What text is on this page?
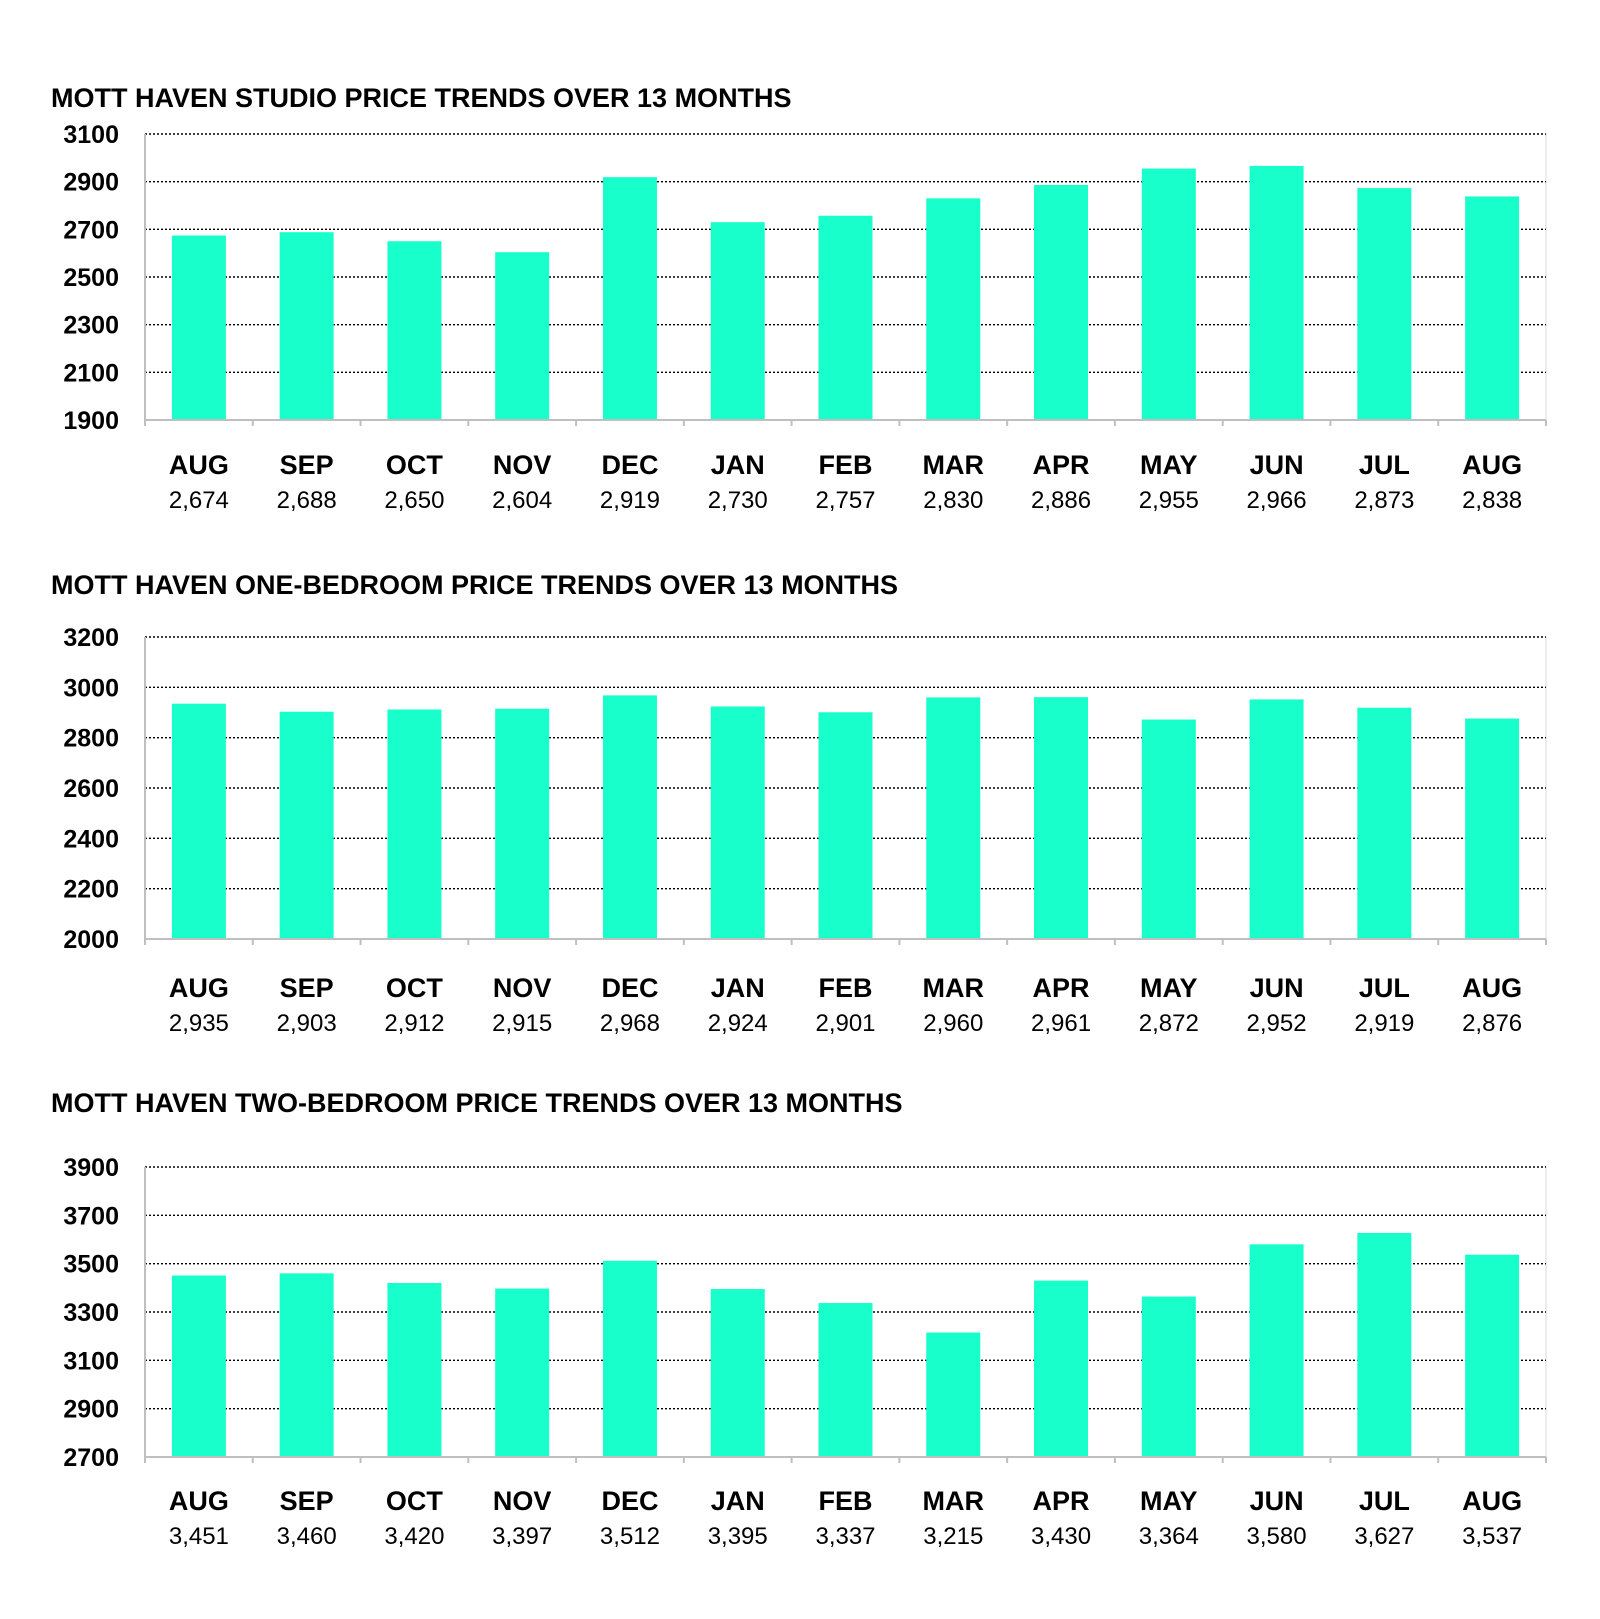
MOTT HAVEN STUDIO PRICE TRENDS OVER 13 MONTHS
3100
2900
2700
2500
2300
2100
1900
AUG
2,674
SEP
2,688
OCT
2,650
NOV
2,604
DEC
2,919
JAN
2,730
FEB
2,757
MAR
2,830
APR
2,886
MAY
2,955
JUN
2,966
JUL
2,873
AUG
2,838
MOTT HAVEN ONE-BEDROOM PRICE TRENDS OVER 13 MONTHS
3200
3000
2800
2600
2400
2200
2000
AUG
2,935
SEP
2,903
OCT
2,912
NOV
2,915
DEC
2,968
JAN
2,924
FEB
2,901
MAR
2,960
APR
2,961
MAY
2,872
JUN
2,952
JUL
2,919
AUG
2,876
MOTT HAVEN TWO-BEDROOM PRICE TRENDS OVER 13 MONTHS
3900
3700
3500
3300
3100
2900
2700
AUG
3,451
SEP
3,460
OCT
3,420
NOV
3,397
DEC
3,512
JAN
3,395
FEB
3,337
MAR
3,215
APR
3,430
MAY
3,364
JUN
3,580
JUL
3,627
AUG
3,537
